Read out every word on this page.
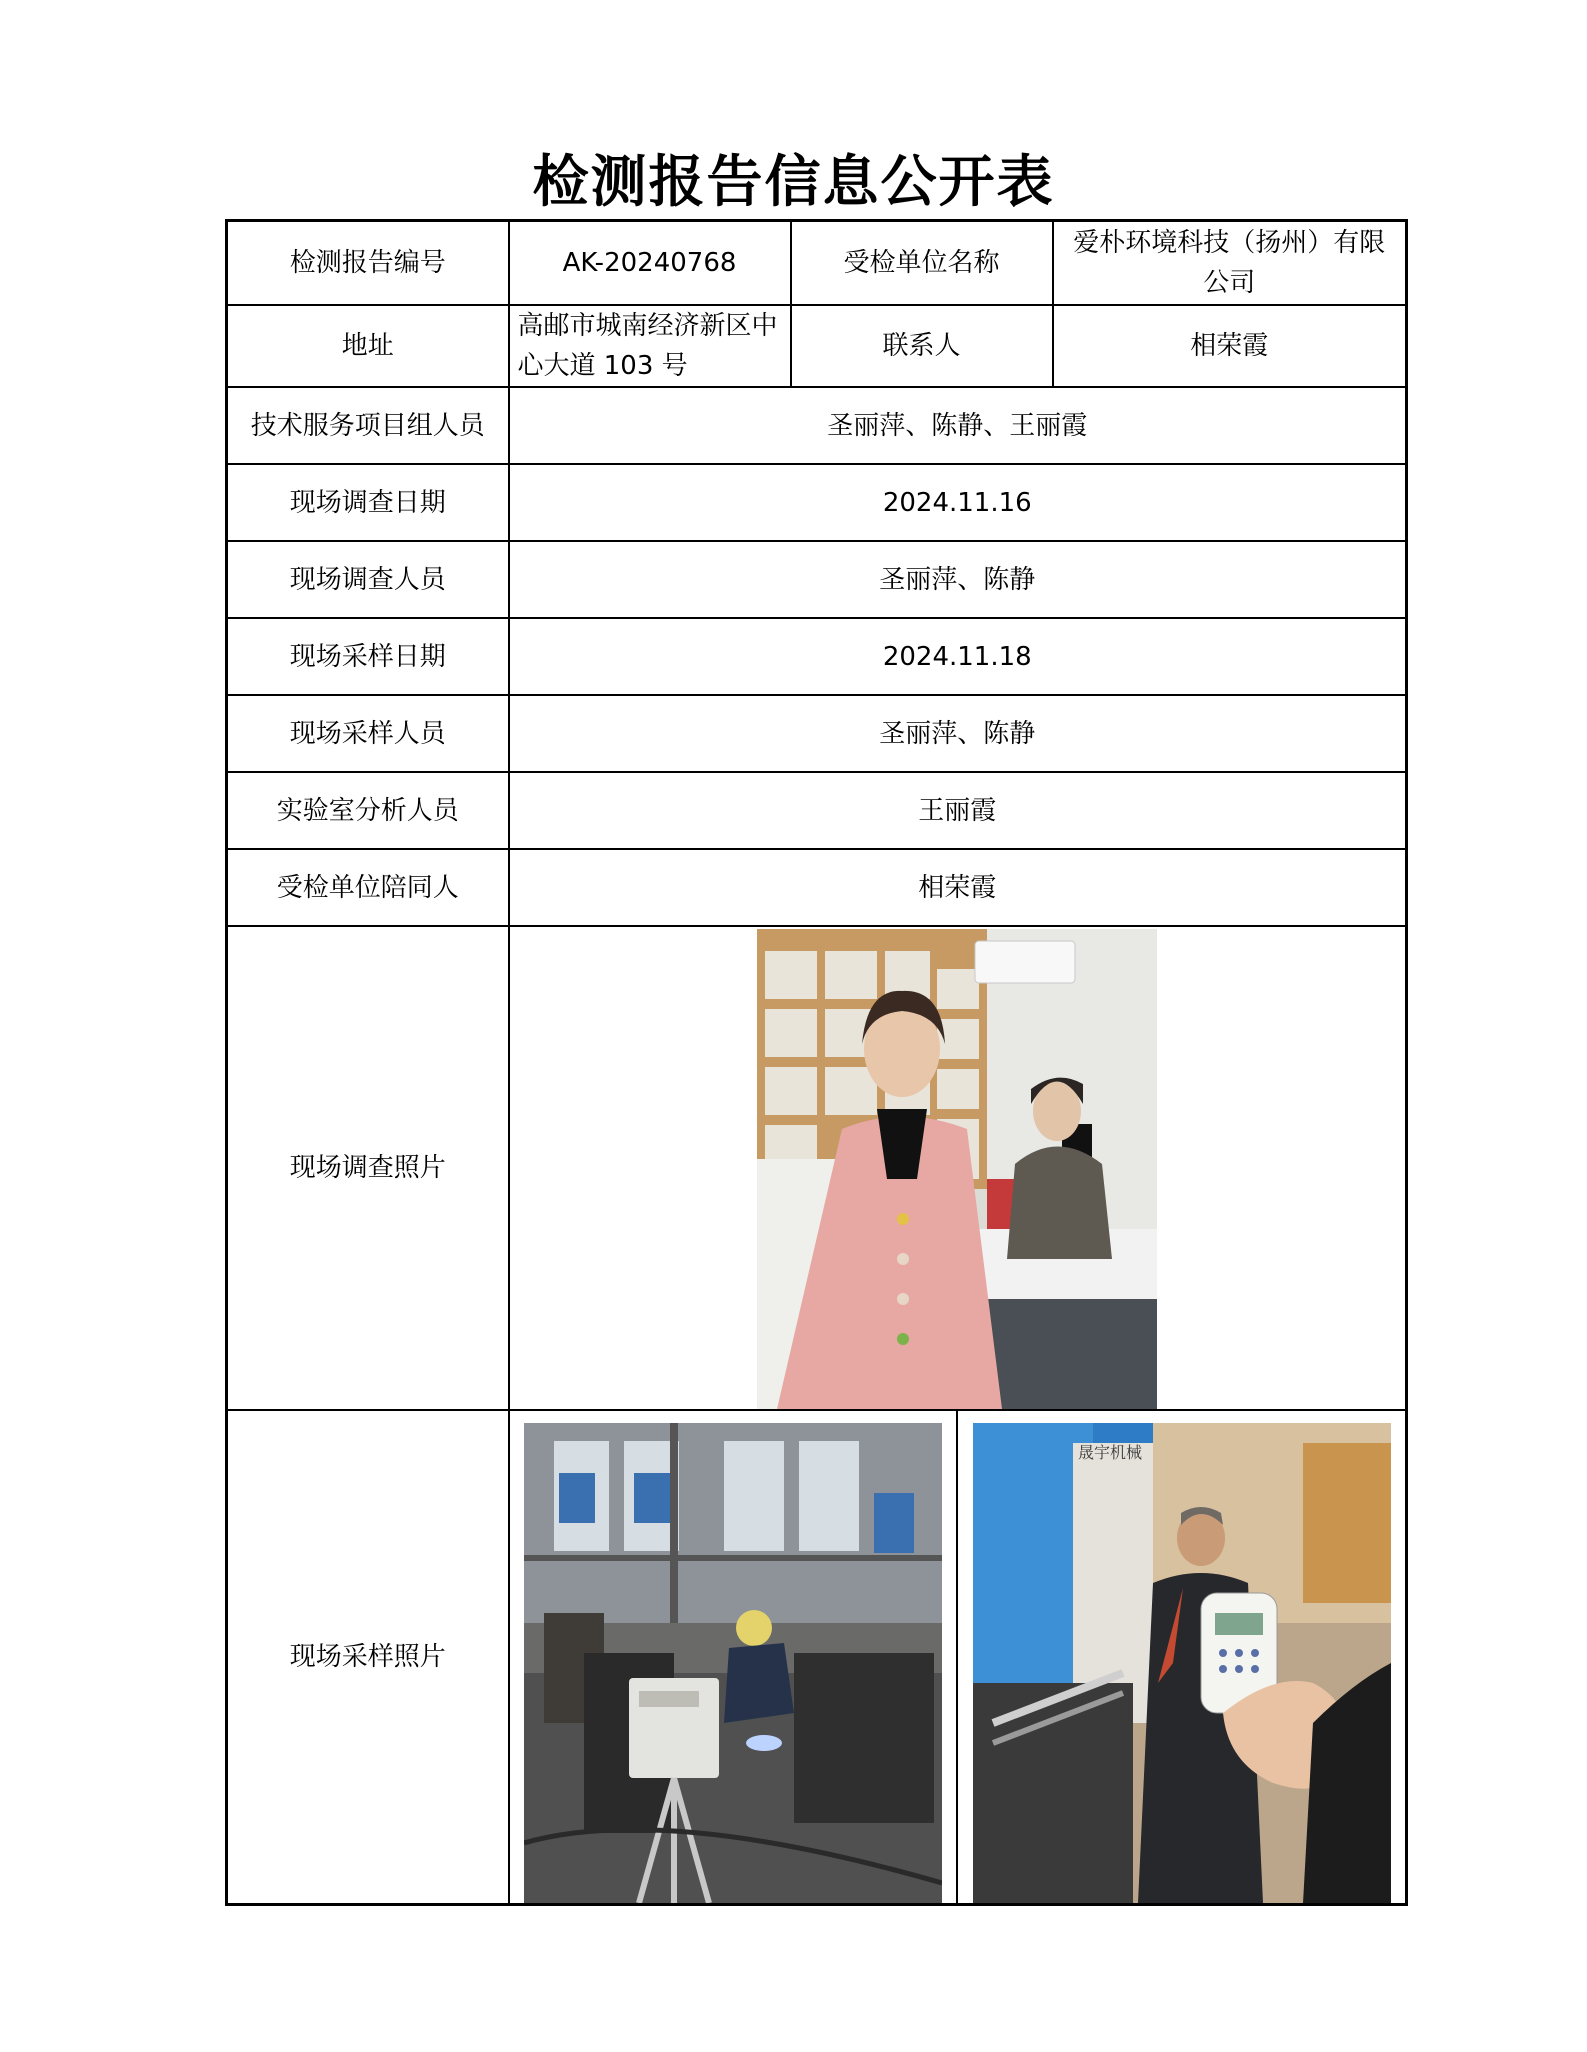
检测报告信息公开表
检测报告编号	AK-20240768	受检单位名称	爱朴环境科技（扬州）有限公司
地址	高邮市城南经济新区中心大道 103 号	联系人	相荣霞
技术服务项目组人员	圣丽萍、陈静、王丽霞		
现场调查日期	2024.11.16		
现场调查人员	圣丽萍、陈静		
现场采样日期	2024.11.18		
现场采样人员	圣丽萍、陈静		
实验室分析人员	王丽霞		
受检单位陪同人	相荣霞		
现场调查照片	

现场采样照片	晟宇机械		
